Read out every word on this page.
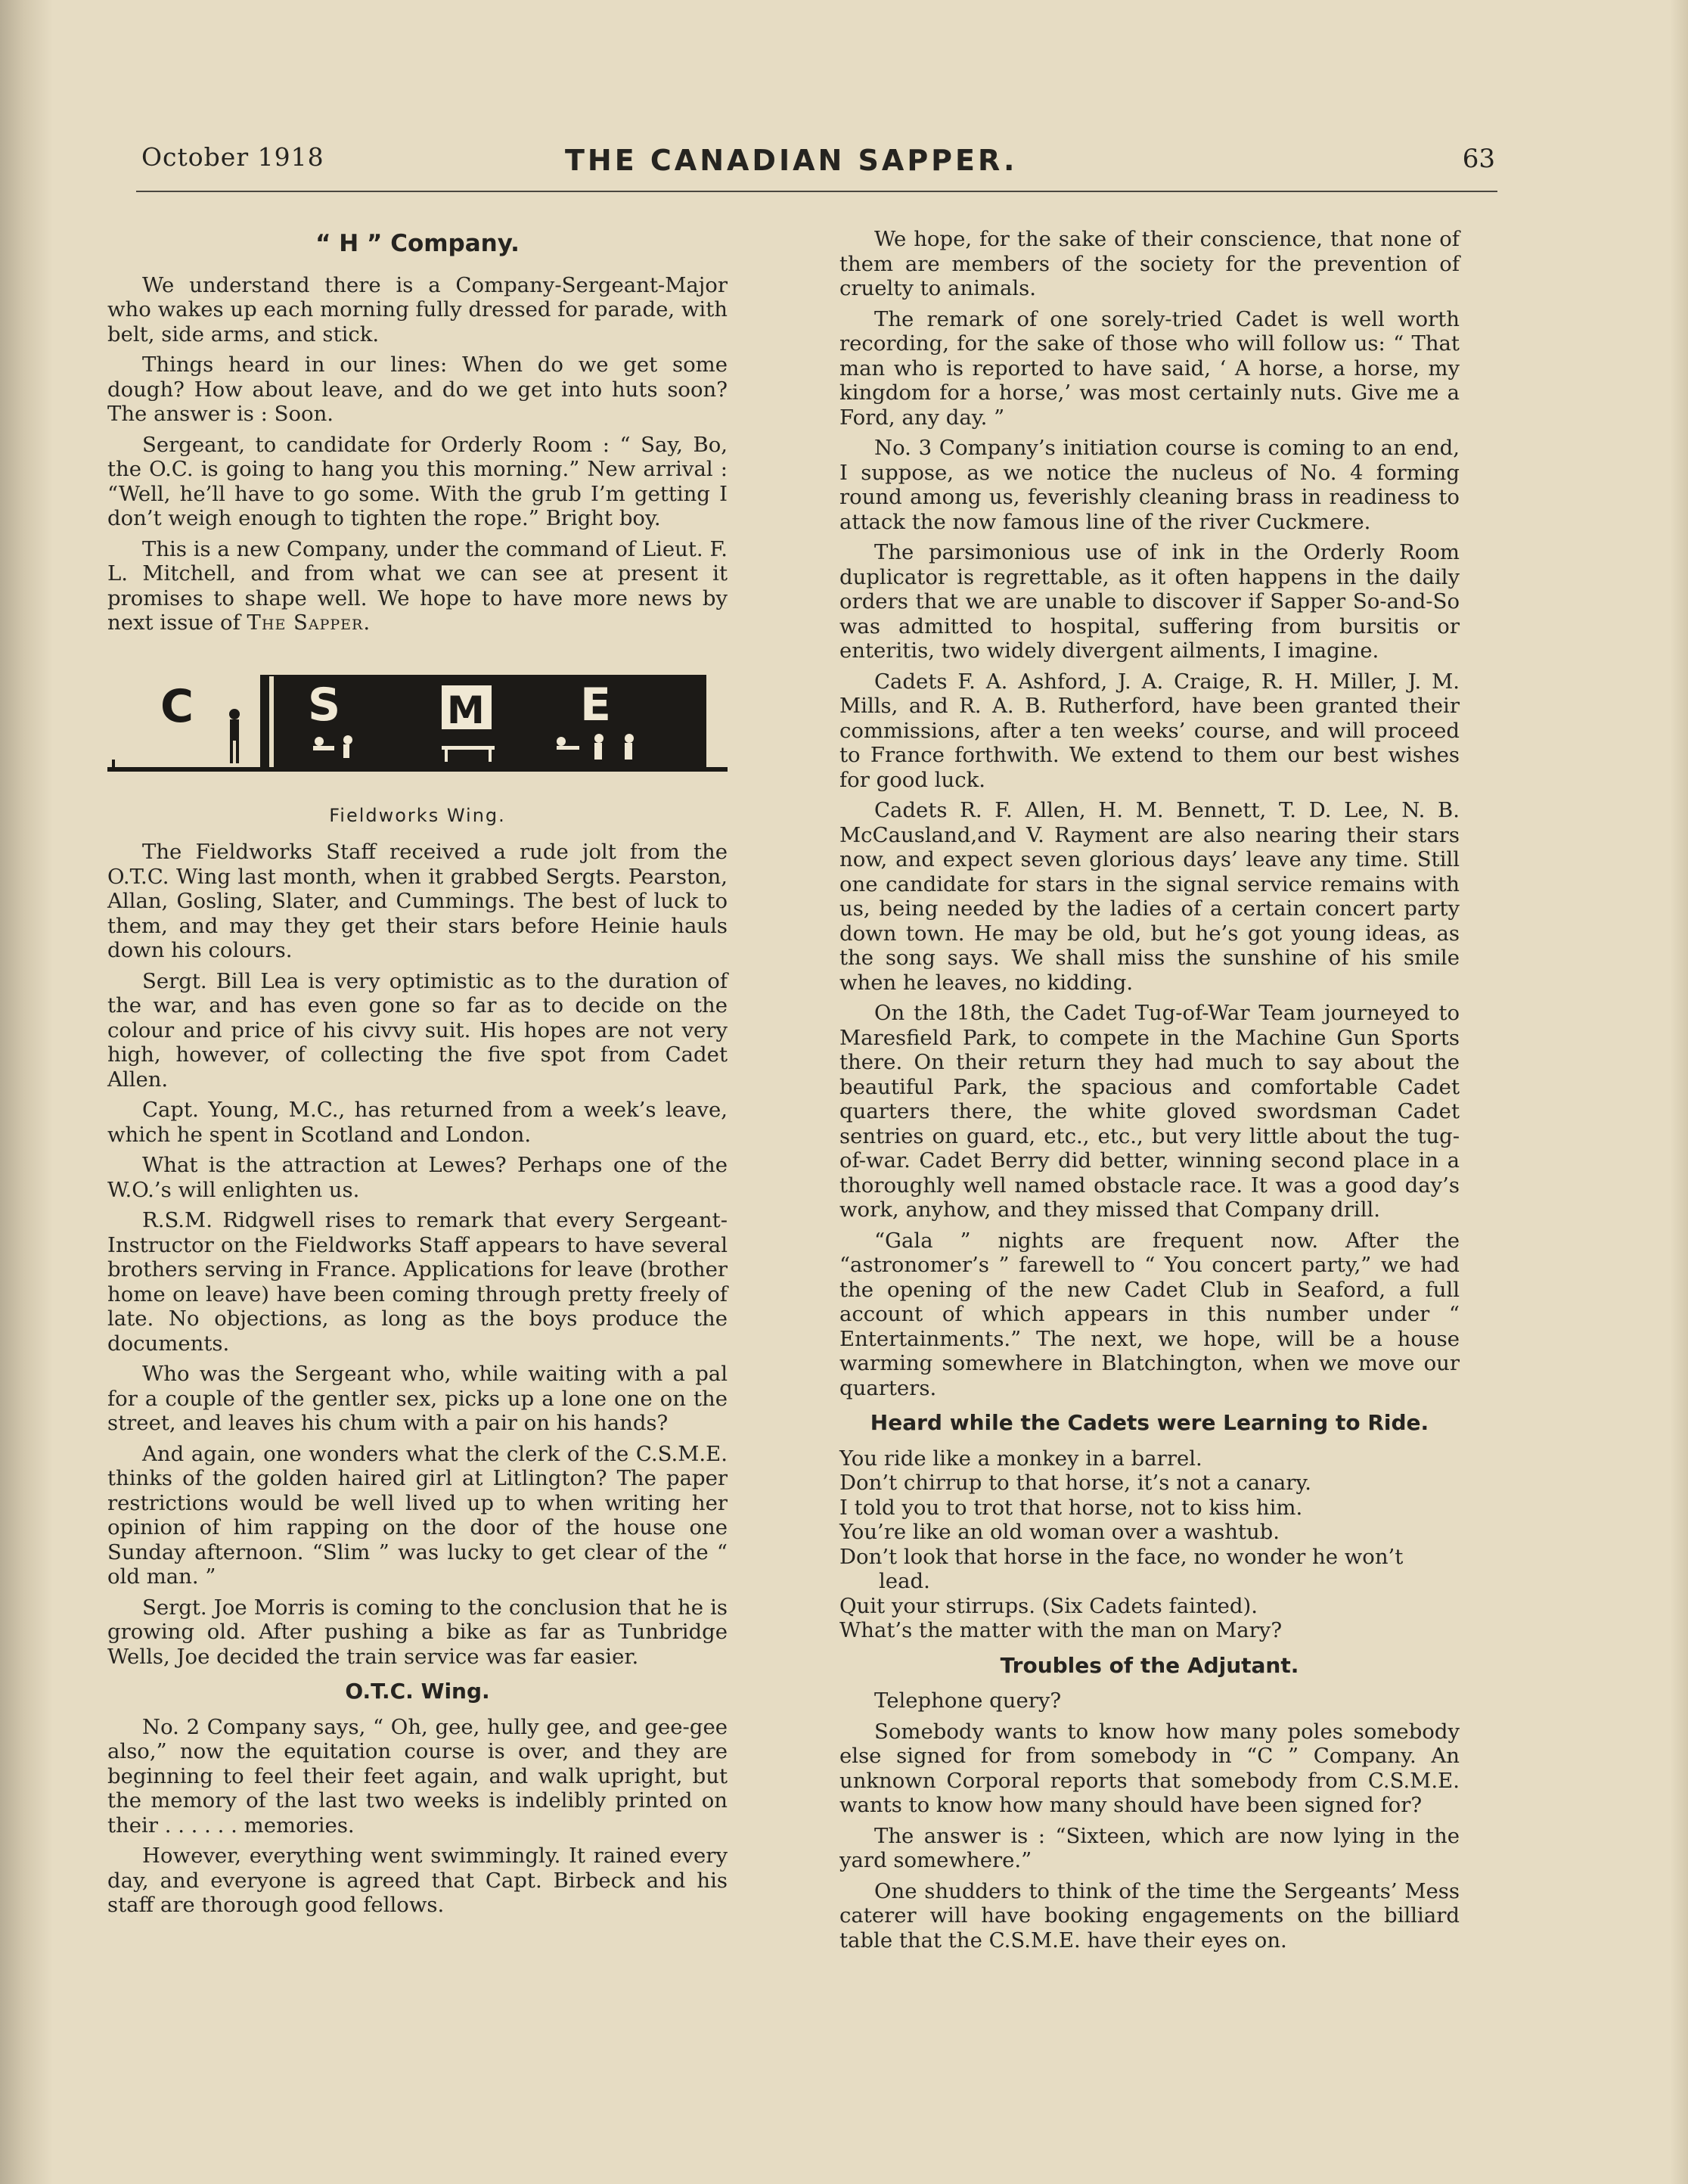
October 1918	THE CANADIAN SAPPER.	63
“ H ” Company.

We understand there is a Company-Sergeant-Major who wakes up each morning fully dressed for parade, with belt, side arms, and stick.

Things heard in our lines: When do we get some dough? How about leave, and do we get into huts soon? The answer is : Soon.

Sergeant, to candidate for Orderly Room : “ Say, Bo, the O.C. is going to hang you this morning.” New arrival : “Well, he’ll have to go some. With the grub I’m getting I don’t weigh enough to tighten the rope.” Bright boy.

This is a new Company, under the command of Lieut. F. L. Mitchell, and from what we can see at present it promises to shape well. We hope to have more news by next issue of The Sapper.

C	S	M E
Fieldworks Wing.

The Fieldworks Staff received a rude jolt from the O.T.C. Wing last month, when it grabbed Sergts. Pearston, Allan, Gosling, Slater, and Cummings. The best of luck to them, and may they get their stars before Heinie hauls down his colours.

Sergt. Bill Lea is very optimistic as to the duration of the war, and has even gone so far as to decide on the colour and price of his civvy suit. His hopes are not very high, however, of collecting the five spot from Cadet Allen.

Capt. Young, M.C., has returned from a week’s leave, which he spent in Scotland and London.

What is the attraction at Lewes? Perhaps one of the W.O.’s will enlighten us.

R.S.M. Ridgwell rises to remark that every Sergeant-Instructor on the Fieldworks Staff appears to have several brothers serving in France. Applications for leave (brother home on leave) have been coming through pretty freely of late. No objections, as long as the boys produce the documents.

Who was the Sergeant who, while waiting with a pal for a couple of the gentler sex, picks up a lone one on the street, and leaves his chum with a pair on his hands?

And again, one wonders what the clerk of the C.S.M.E. thinks of the golden haired girl at Litlington? The paper restrictions would be well lived up to when writing her opinion of him rapping on the door of the house one Sunday afternoon. “Slim ” was lucky to get clear of the “ old man. ”

Sergt. Joe Morris is coming to the conclusion that he is growing old. After pushing a bike as far as Tunbridge Wells, Joe decided the train service was far easier.

O.T.C. Wing.

No. 2 Company says, “ Oh, gee, hully gee, and gee-gee also,” now the equitation course is over, and they are beginning to feel their feet again, and walk upright, but the memory of the last two weeks is indelibly printed on their . . . . . . memories.

However, everything went swimmingly. It rained every day, and everyone is agreed that Capt. Birbeck and his staff are thorough good fellows.

We hope, for the sake of their conscience, that none of them are members of the society for the prevention of cruelty to animals.

The remark of one sorely-tried Cadet is well worth recording, for the sake of those who will follow us: “ That man who is reported to have said, ‘ A horse, a horse, my kingdom for a horse,’ was most certainly nuts. Give me a Ford, any day. ”

No. 3 Company’s initiation course is coming to an end, I suppose, as we notice the nucleus of No. 4 forming round among us, feverishly cleaning brass in readiness to attack the now famous line of the river Cuckmere.

The parsimonious use of ink in the Orderly Room duplicator is regrettable, as it often happens in the daily orders that we are unable to discover if Sapper So-and-So was admitted to hospital, suffering from bursitis or enteritis, two widely divergent ailments, I imagine.

Cadets F. A. Ashford, J. A. Craige, R. H. Miller, J. M. Mills, and R. A. B. Rutherford, have been granted their commissions, after a ten weeks’ course, and will proceed to France forthwith. We extend to them our best wishes for good luck.

Cadets R. F. Allen, H. M. Bennett, T. D. Lee, N. B. McCausland,and V. Rayment are also nearing their stars now, and expect seven glorious days’ leave any time. Still one candidate for stars in the signal service remains with us, being needed by the ladies of a certain concert party down town. He may be old, but he’s got young ideas, as the song says. We shall miss the sunshine of his smile when he leaves, no kidding.

On the 18th, the Cadet Tug-of-War Team journeyed to Maresfield Park, to compete in the Machine Gun Sports there. On their return they had much to say about the beautiful Park, the spacious and comfortable Cadet quarters there, the white gloved swordsman Cadet sentries on guard, etc., etc., but very little about the tug-of-war. Cadet Berry did better, winning second place in a thoroughly well named obstacle race. It was a good day’s work, anyhow, and they missed that Company drill.

“Gala ” nights are frequent now. After the “astronomer’s ” farewell to “ You concert party,” we had the opening of the new Cadet Club in Seaford, a full account of which appears in this number under “ Entertainments.” The next, we hope, will be a house warming somewhere in Blatchington, when we move our quarters.

Heard while the Cadets were Learning to Ride.
You ride like a monkey in a barrel.
Don’t chirrup to that horse, it’s not a canary.
I told you to trot that horse, not to kiss him.
You’re like an old woman over a washtub.
Don’t look that horse in the face, no wonder he won’t lead.
Quit your stirrups. (Six Cadets fainted).
What’s the matter with the man on Mary?
Troubles of the Adjutant.

Telephone query?

Somebody wants to know how many poles somebody else signed for from somebody in “C ” Company. An unknown Corporal reports that somebody from C.S.M.E. wants to know how many should have been signed for?

The answer is : “Sixteen, which are now lying in the yard somewhere.”

One shudders to think of the time the Sergeants’ Mess caterer will have booking engagements on the billiard table that the C.S.M.E. have their eyes on.
